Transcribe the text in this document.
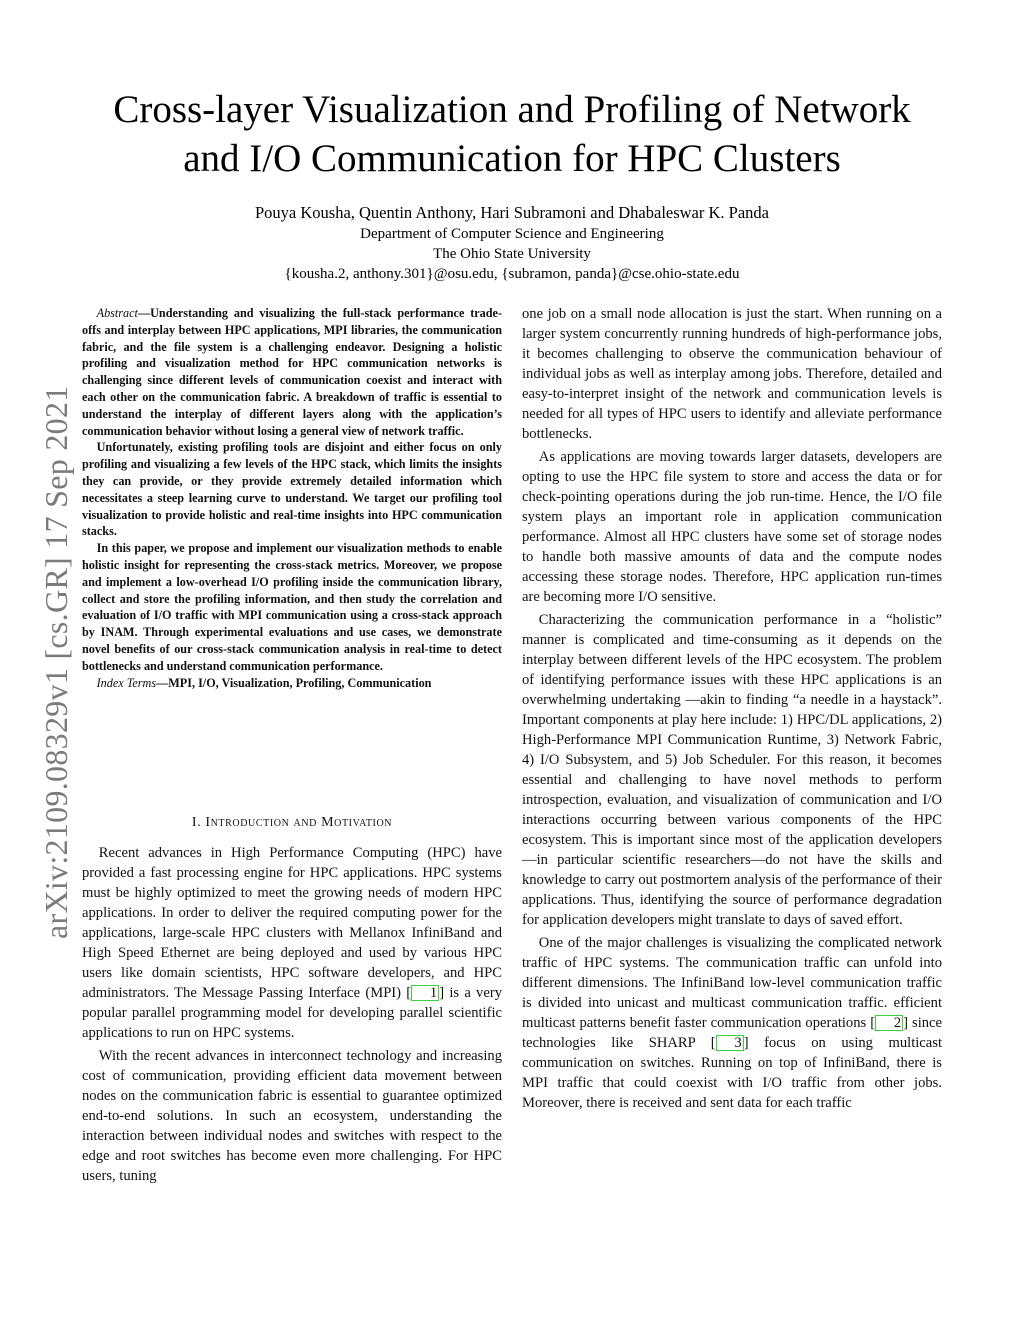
arXiv:2109.08329v1 [cs.GR] 17 Sep 2021
Cross-layer Visualization and Profiling of Network
and I/O Communication for HPC Clusters
Pouya Kousha, Quentin Anthony, Hari Subramoni and Dhabaleswar K. Panda
Department of Computer Science and Engineering
The Ohio State University
{kousha.2, anthony.301}@osu.edu, {subramon, panda}@cse.ohio-state.edu

Abstract—Understanding and visualizing the full-stack performance trade-offs and interplay between HPC applications, MPI libraries, the communication fabric, and the file system is a challenging endeavor. Designing a holistic profiling and visualization method for HPC communication networks is challenging since different levels of communication coexist and interact with each other on the communication fabric. A breakdown of traffic is essential to understand the interplay of different layers along with the application’s communication behavior without losing a general view of network traffic.

Unfortunately, existing profiling tools are disjoint and either focus on only profiling and visualizing a few levels of the HPC stack, which limits the insights they can provide, or they provide extremely detailed information which necessitates a steep learning curve to understand. We target our profiling tool visualization to provide holistic and real-time insights into HPC communication stacks.

In this paper, we propose and implement our visualization methods to enable holistic insight for representing the cross-stack metrics. Moreover, we propose and implement a low-overhead I/O profiling inside the communication library, collect and store the profiling information, and then study the correlation and evaluation of I/O traffic with MPI communication using a cross-stack approach by INAM. Through experimental evaluations and use cases, we demonstrate novel benefits of our cross-stack communication analysis in real-time to detect bottlenecks and understand communication performance.

Index Terms—MPI, I/O, Visualization, Profiling, Communication

I. Introduction and Motivation

Recent advances in High Performance Computing (HPC) have provided a fast processing engine for HPC applications. HPC systems must be highly optimized to meet the growing needs of modern HPC applications. In order to deliver the required computing power for the applications, large-scale HPC clusters with Mellanox InfiniBand and High Speed Ethernet are being deployed and used by various HPC users like domain scientists, HPC software developers, and HPC administrators. The Message Passing Interface (MPI) [ 1 ] is a very popular parallel programming model for developing parallel scientific applications to run on HPC systems.

With the recent advances in interconnect technology and increasing cost of communication, providing efficient data movement between nodes on the communication fabric is essential to guarantee optimized end-to-end solutions. In such an ecosystem, understanding the interaction between individual nodes and switches with respect to the edge and root switches has become even more challenging. For HPC users, tuning

one job on a small node allocation is just the start. When running on a larger system concurrently running hundreds of high-performance jobs, it becomes challenging to observe the communication behaviour of individual jobs as well as interplay among jobs. Therefore, detailed and easy-to-interpret insight of the network and communication levels is needed for all types of HPC users to identify and alleviate performance bottlenecks.

As applications are moving towards larger datasets, developers are opting to use the HPC file system to store and access the data or for check-pointing operations during the job run-time. Hence, the I/O file system plays an important role in application communication performance. Almost all HPC clusters have some set of storage nodes to handle both massive amounts of data and the compute nodes accessing these storage nodes. Therefore, HPC application run-times are becoming more I/O sensitive.

Characterizing the communication performance in a “holistic” manner is complicated and time-consuming as it depends on the interplay between different levels of the HPC ecosystem. The problem of identifying performance issues with these HPC applications is an overwhelming undertaking —akin to finding “a needle in a haystack”. Important components at play here include: 1) HPC/DL applications, 2) High-Performance MPI Communication Runtime, 3) Network Fabric, 4) I/O Subsystem, and 5) Job Scheduler. For this reason, it becomes essential and challenging to have novel methods to perform introspection, evaluation, and visualization of communication and I/O interactions occurring between various components of the HPC ecosystem. This is important since most of the application developers—in particular scientific researchers—do not have the skills and knowledge to carry out postmortem analysis of the performance of their applications. Thus, identifying the source of performance degradation for application developers might translate to days of saved effort.

One of the major challenges is visualizing the complicated network traffic of HPC systems. The communication traffic can unfold into different dimensions. The InfiniBand low-level communication traffic is divided into unicast and multicast communication traffic. efficient multicast patterns benefit faster communication operations [ 2 ] since technologies like SHARP [ 3 ] focus on using multicast communication on switches. Running on top of InfiniBand, there is MPI traffic that could coexist with I/O traffic from other jobs. Moreover, there is received and sent data for each traffic
